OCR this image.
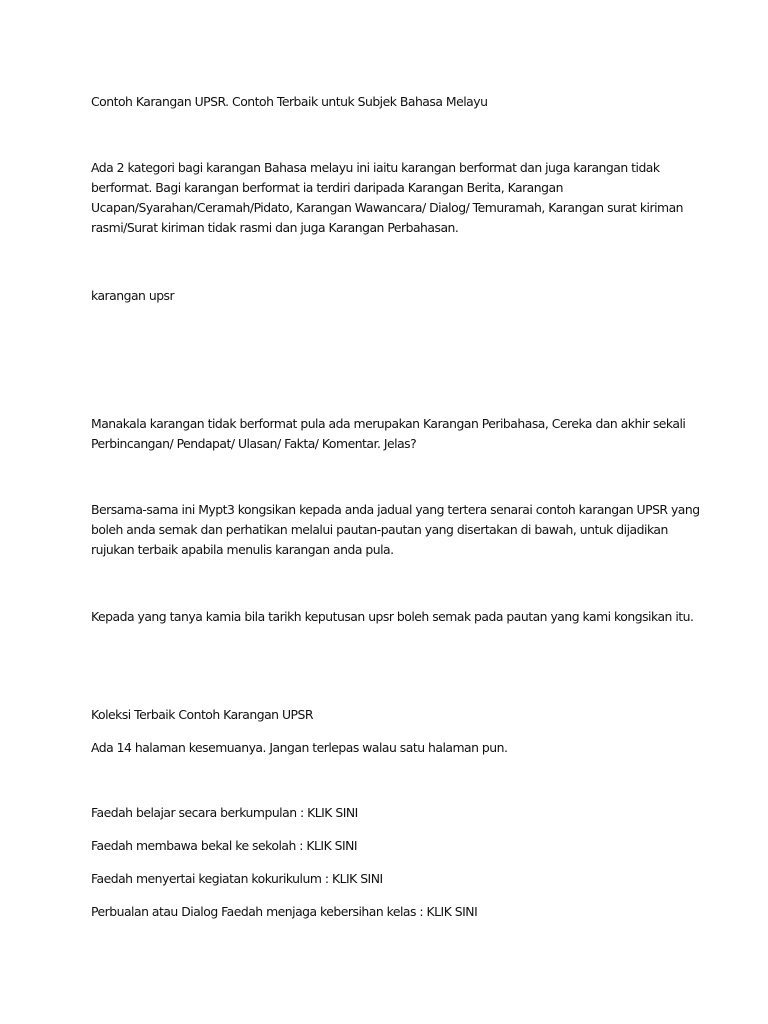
Contoh Karangan UPSR. Contoh Terbaik untuk Subjek Bahasa Melayu

Ada 2 kategori bagi karangan Bahasa melayu ini iaitu karangan berformat dan juga karangan tidak
berformat. Bagi karangan berformat ia terdiri daripada Karangan Berita, Karangan
Ucapan/Syarahan/Ceramah/Pidato, Karangan Wawancara/ Dialog/ Temuramah, Karangan surat kiriman
rasmi/Surat kiriman tidak rasmi dan juga Karangan Perbahasan.

karangan upsr

Manakala karangan tidak berformat pula ada merupakan Karangan Peribahasa, Cereka dan akhir sekali
Perbincangan/ Pendapat/ Ulasan/ Fakta/ Komentar. Jelas?

Bersama-sama ini Mypt3 kongsikan kepada anda jadual yang tertera senarai contoh karangan UPSR yang
boleh anda semak dan perhatikan melalui pautan-pautan yang disertakan di bawah, untuk dijadikan
rujukan terbaik apabila menulis karangan anda pula.

Kepada yang tanya kamia bila tarikh keputusan upsr boleh semak pada pautan yang kami kongsikan itu.

Koleksi Terbaik Contoh Karangan UPSR

Ada 14 halaman kesemuanya. Jangan terlepas walau satu halaman pun.

Faedah belajar secara berkumpulan : KLIK SINI

Faedah membawa bekal ke sekolah : KLIK SINI

Faedah menyertai kegiatan kokurikulum : KLIK SINI

Perbualan atau Dialog Faedah menjaga kebersihan kelas : KLIK SINI
